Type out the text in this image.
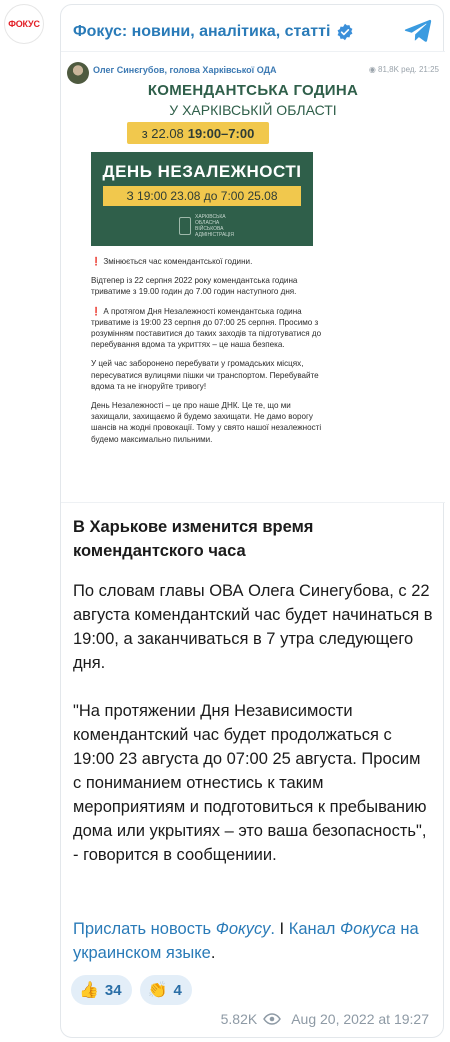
ФОКУС Фокус: новини, аналітика, статті
Олег Синєгубов, голова Харківської ОДА	◉ 81,8K ред. 21:25
КОМЕНДАНТСЬКА ГОДИНА
У ХАРКІВСЬКІЙ ОБЛАСТІ
з 22.08 19:00–7:00
ДЕНЬ НЕЗАЛЕЖНОСТІ
З 19:00 23.08 до 7:00 25.08
ХАРКІВСЬКА ОБЛАСНА ВІЙСЬКОВА АДМІНІСТРАЦІЯ

❗ Змінюється час комендантської години.

Відтепер із 22 серпня 2022 року комендантська година триватиме з 19.00 годин до 7.00 годин наступного дня.

❗ А протягом Дня Незалежності комендантська година триватиме із 19:00 23 серпня до 07:00 25 серпня. Просимо з розумінням поставитися до таких заходів та підготуватися до перебування вдома та укриттях – це наша безпека.

У цей час заборонено перебувати у громадських місцях, пересуватися вулицями пішки чи транспортом. Перебувайте вдома та не ігноруйте тривогу!

День Незалежності – це про наше ДНК. Це те, що ми захищали, захищаємо й будемо захищати. Не дамо ворогу шансів на жодні провокації. Тому у свято нашої незалежності будемо максимально пильними.

В Харькове изменится время комендантского часа
По словам главы ОВА Олега Синегубова, с 22 августа комендантский час будет начинаться в 19:00, а заканчиваться в 7 утра следующего дня.
"На протяжении Дня Независимости комендантский час будет продолжаться с 19:00 23 августа до 07:00 25 августа. Просим с пониманием отнестись к таким мероприятиям и подготовиться к пребыванию дома или укрытиях – это ваша безопасность", - говорится в сообщениии.
Прислать новость Фокусу. I Канал Фокуса на украинском языке.
👍 34 👏 4
5.82K Aug 20, 2022 at 19:27
